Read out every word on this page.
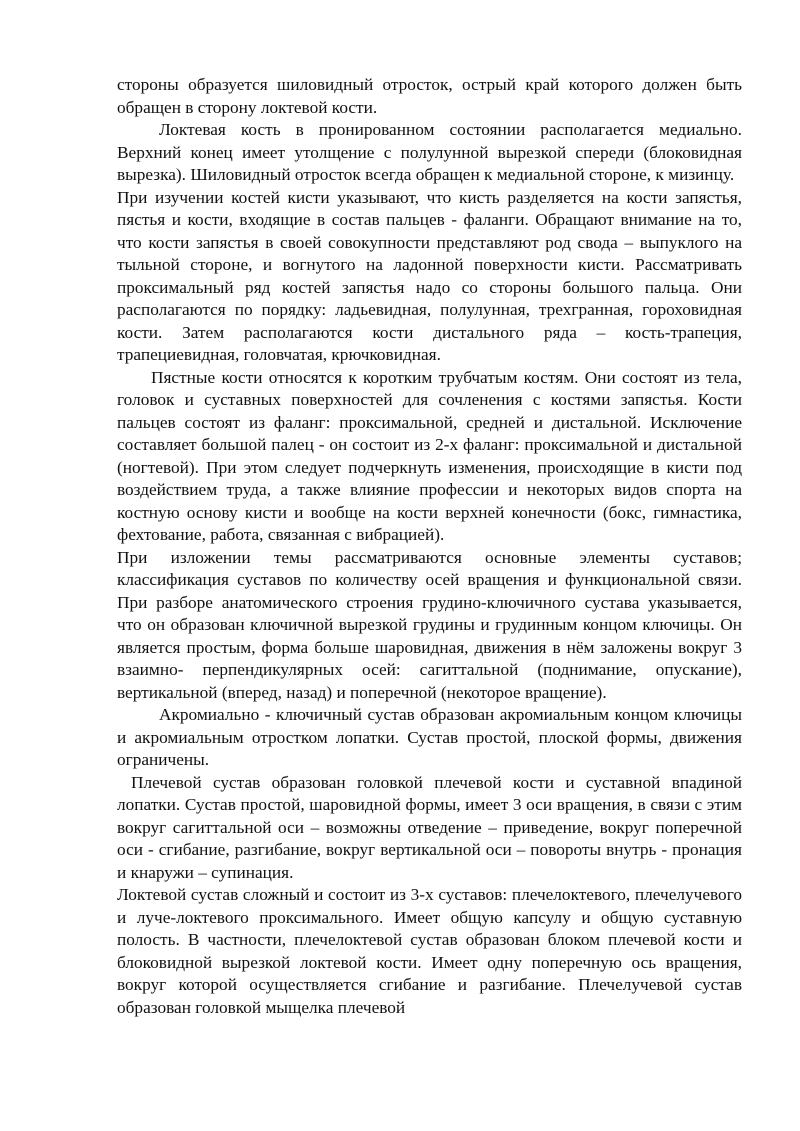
стороны образуется шиловидный отросток, острый край которого должен быть обращен в сторону локтевой кости.

Локтевая кость в пронированном состоянии располагается медиально. Верхний конец имеет утолщение с полулунной вырезкой спереди (блоковидная вырезка). Шиловидный отросток всегда обращен к медиальной стороне, к мизинцу.

При изучении костей кисти указывают, что кисть разделяется на кости запястья, пястья и кости, входящие в состав пальцев - фаланги. Обращают внимание на то, что кости запястья в своей совокупности представляют род свода – выпуклого на тыльной стороне, и вогнутого на ладонной поверхности кисти. Рассматривать проксимальный ряд костей запястья надо со стороны большого пальца. Они располагаются по порядку: ладьевидная, полулунная, трехгранная, гороховидная кости. Затем располагаются кости дистального ряда – кость-трапеция, трапециевидная, головчатая, крючковидная.

Пястные кости относятся к коротким трубчатым костям. Они состоят из тела, головок и суставных поверхностей для сочленения с костями запястья. Кости пальцев состоят из фаланг: проксимальной, средней и дистальной. Исключение составляет большой палец - он состоит из 2-х фаланг: проксимальной и дистальной (ногтевой). При этом следует подчеркнуть изменения, происходящие в кисти под воздействием труда, а также влияние профессии и некоторых видов спорта на костную основу кисти и вообще на кости верхней конечности (бокс, гимнастика, фехтование, работа, связанная с вибрацией).

При изложении темы рассматриваются основные элементы суставов; классификация суставов по количеству осей вращения и функциональной связи. При разборе анатомического строения грудино-ключичного сустава указывается, что он образован ключичной вырезкой грудины и грудинным концом ключицы. Он является простым, форма больше шаровидная, движения в нём заложены вокруг 3 взаимно- перпендикулярных осей: сагиттальной (поднимание, опускание), вертикальной (вперед, назад) и поперечной (некоторое вращение).

Акромиально - ключичный сустав образован акромиальным концом ключицы и акромиальным отростком лопатки. Сустав простой, плоской формы, движения ограничены.

Плечевой сустав образован головкой плечевой кости и суставной впадиной лопатки. Сустав простой, шаровидной формы, имеет 3 оси вращения, в связи с этим вокруг сагиттальной оси – возможны отведение – приведение, вокруг поперечной оси - сгибание, разгибание, вокруг вертикальной оси – повороты внутрь - пронация и кнаружи – супинация.

Локтевой сустав сложный и состоит из 3-х суставов: плечелоктевого, плечелучевого и луче-локтевого проксимального. Имеет общую капсулу и общую суставную полость. В частности, плечелоктевой сустав образован блоком плечевой кости и блоковидной вырезкой локтевой кости. Имеет одну поперечную ось вращения, вокруг которой осуществляется сгибание и разгибание. Плечелучевой сустав образован головкой мыщелка плечевой
